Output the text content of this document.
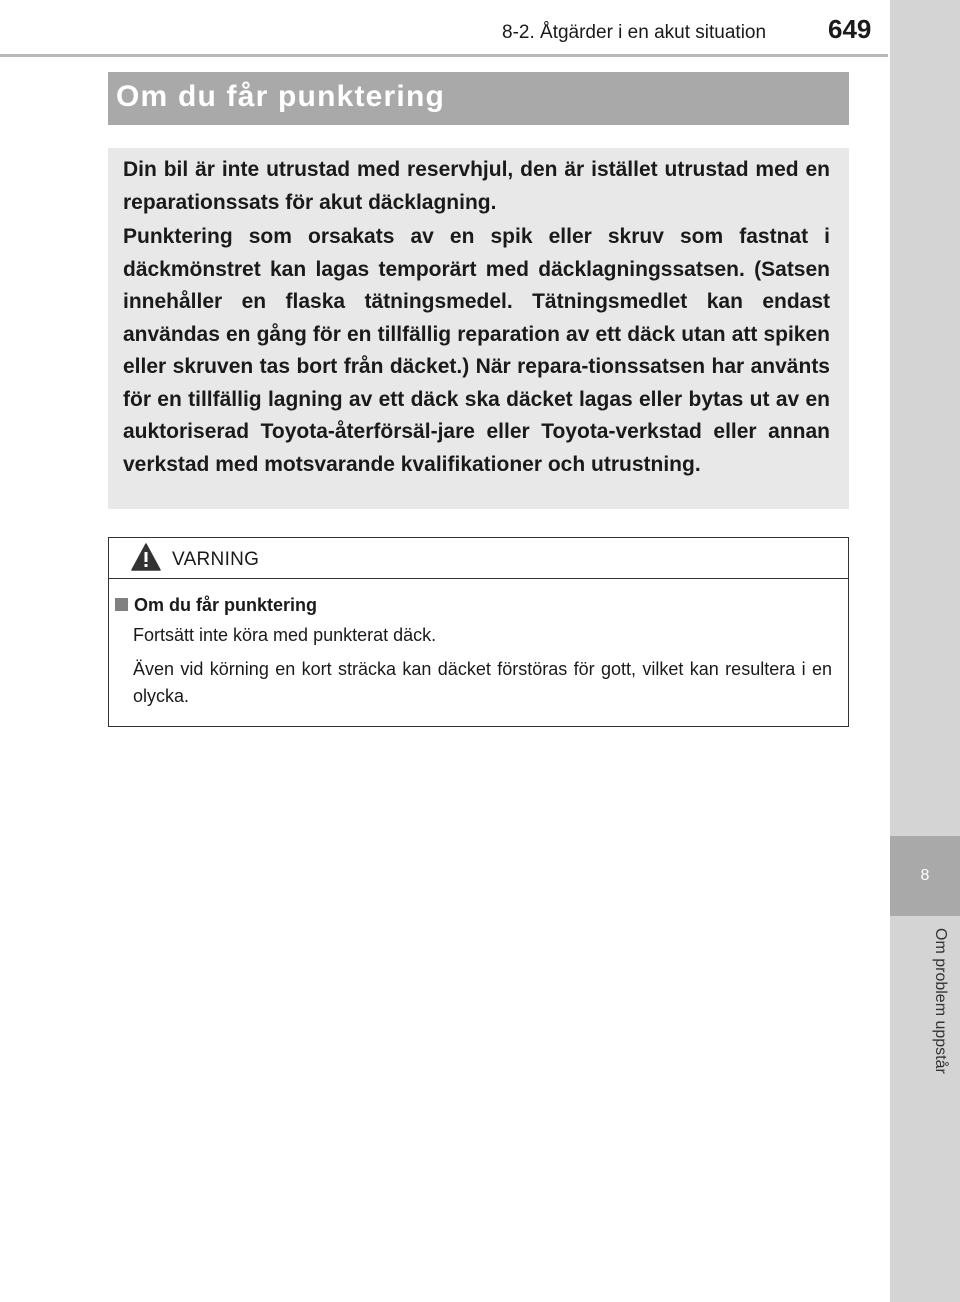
8-2. Åtgärder i en akut situation 649
8
Om problem uppstår
Om du får punktering

Din bil är inte utrustad med reservhjul, den är istället utrustad med en reparationssats för akut däcklagning.

Punktering som orsakats av en spik eller skruv som fastnat i däckmönstret kan lagas temporärt med däcklagningssatsen. (Satsen innehåller en flaska tätningsmedel. Tätningsmedlet kan endast användas en gång för en tillfällig reparation av ett däck utan att spiken eller skruven tas bort från däcket.) När repara-tionssatsen har använts för en tillfällig lagning av ett däck ska däcket lagas eller bytas ut av en auktoriserad Toyota-återförsäl-jare eller Toyota-verkstad eller annan verkstad med motsvarande kvalifikationer och utrustning.

VARNING
Om du får punktering
Fortsätt inte köra med punkterat däck.

Även vid körning en kort sträcka kan däcket förstöras för gott, vilket kan resultera i en olycka.
